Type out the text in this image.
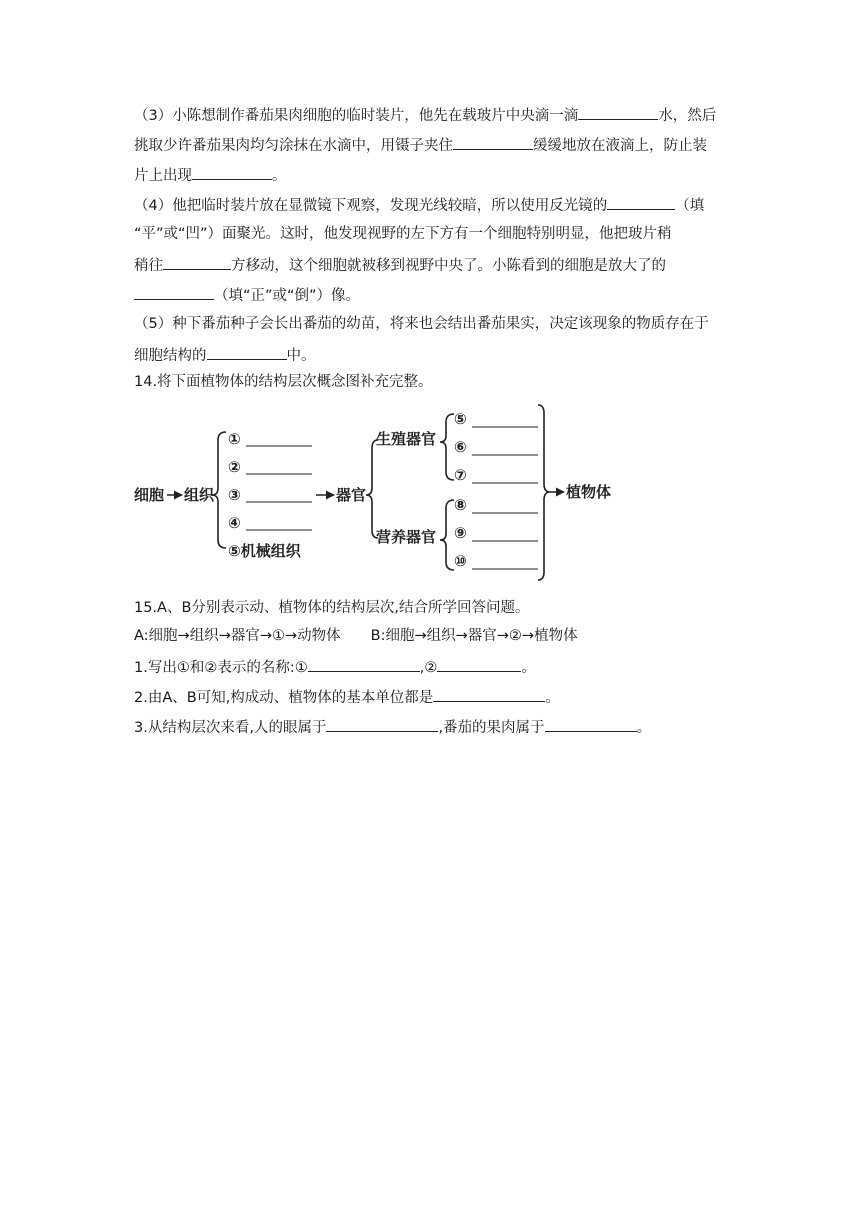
（3）小陈想制作番茄果肉细胞的临时装片，他先在载玻片中央滴一滴	水，然后
挑取少许番茄果肉均匀涂抹在水滴中，用镊子夹住	缓缓地放在液滴上，防止装
片上出现	。
（4）他把临时装片放在显微镜下观察，发现光线较暗，所以使用反光镜的	（填
“平”或“凹”）面聚光。这时，他发现视野的左下方有一个细胞特别明显，他把玻片稍
稍往	方移动，这个细胞就被移到视野中央了。小陈看到的细胞是放大了的
（填“正”或“倒”）像。
（5）种下番茄种子会长出番茄的幼苗，将来也会结出番茄果实，决定该现象的物质存在于
细胞结构的	中。
14.将下面植物体的结构层次概念图补充完整。
细胞 组织
①
②
③
④
⑤机械组织
器官
生殖器官
营养器官
⑤
⑥
⑦
⑧
⑨
⑩
植物体
15.A、B分别表示动、植物体的结构层次,结合所学回答问题。
A:细胞→组织→器官→①→动物体 B:细胞→组织→器官→②→植物体
1.写出①和②表示的名称:①	,②	。
2.由A、B可知,构成动、植物体的基本单位都是	。
3.从结构层次来看,人的眼属于	,番茄的果肉属于	。
